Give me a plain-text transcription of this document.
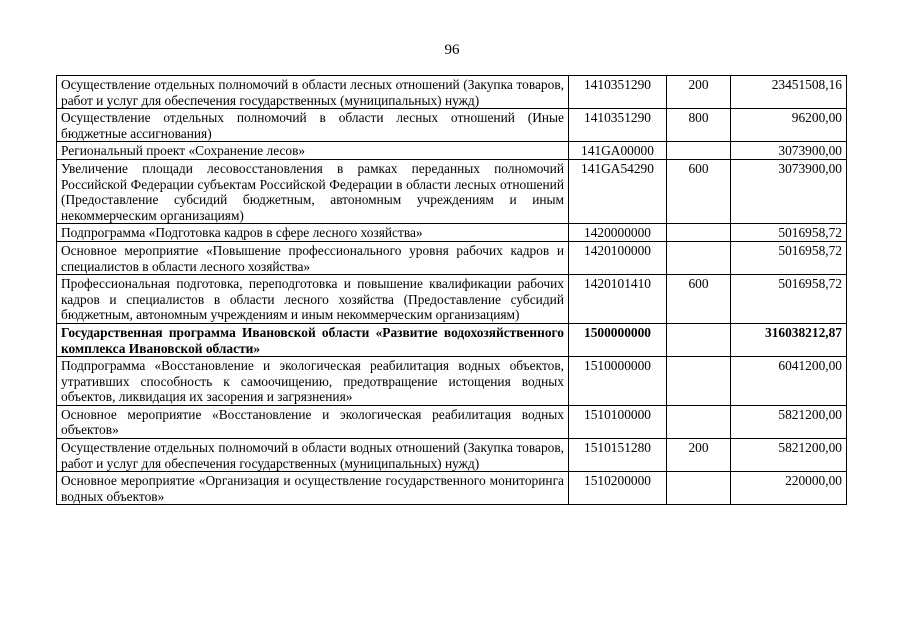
96
Осуществление отдельных полномочий в области лесных отношений (Закупка товаров, работ и услуг для обеспечения государственных (муниципальных) нужд)	1410351290	200	23451508,16
Осуществление отдельных полномочий в области лесных отношений (Иные бюджетные ассигнования)	1410351290	800	96200,00
Региональный проект «Сохранение лесов»	141GA00000		3073900,00
Увеличение площади лесовосстановления в рамках переданных полномочий Российской Федерации субъектам Российской Федерации в области лесных отношений (Предоставление субсидий бюджетным, автономным учреждениям и иным некоммерческим организациям)	141GA54290	600	3073900,00
Подпрограмма «Подготовка кадров в сфере лесного хозяйства»	1420000000		5016958,72
Основное мероприятие «Повышение профессионального уровня рабочих кадров и специалистов в области лесного хозяйства»	1420100000		5016958,72
Профессиональная подготовка, переподготовка и повышение квалификации рабочих кадров и специалистов в области лесного хозяйства (Предоставление субсидий бюджетным, автономным учреждениям и иным некоммерческим организациям)	1420101410	600	5016958,72
Государственная программа Ивановской области «Развитие водохозяйственного комплекса Ивановской области»	1500000000		316038212,87
Подпрограмма «Восстановление и экологическая реабилитация водных объектов, утративших способность к самоочищению, предотвращение истощения водных объектов, ликвидация их засорения и загрязнения»	1510000000		6041200,00
Основное мероприятие «Восстановление и экологическая реабилитация водных объектов»	1510100000		5821200,00
Осуществление отдельных полномочий в области водных отношений (Закупка товаров, работ и услуг для обеспечения государственных (муниципальных) нужд)	1510151280	200	5821200,00
Основное мероприятие «Организация и осуществление государственного мониторинга водных объектов»	1510200000		220000,00
